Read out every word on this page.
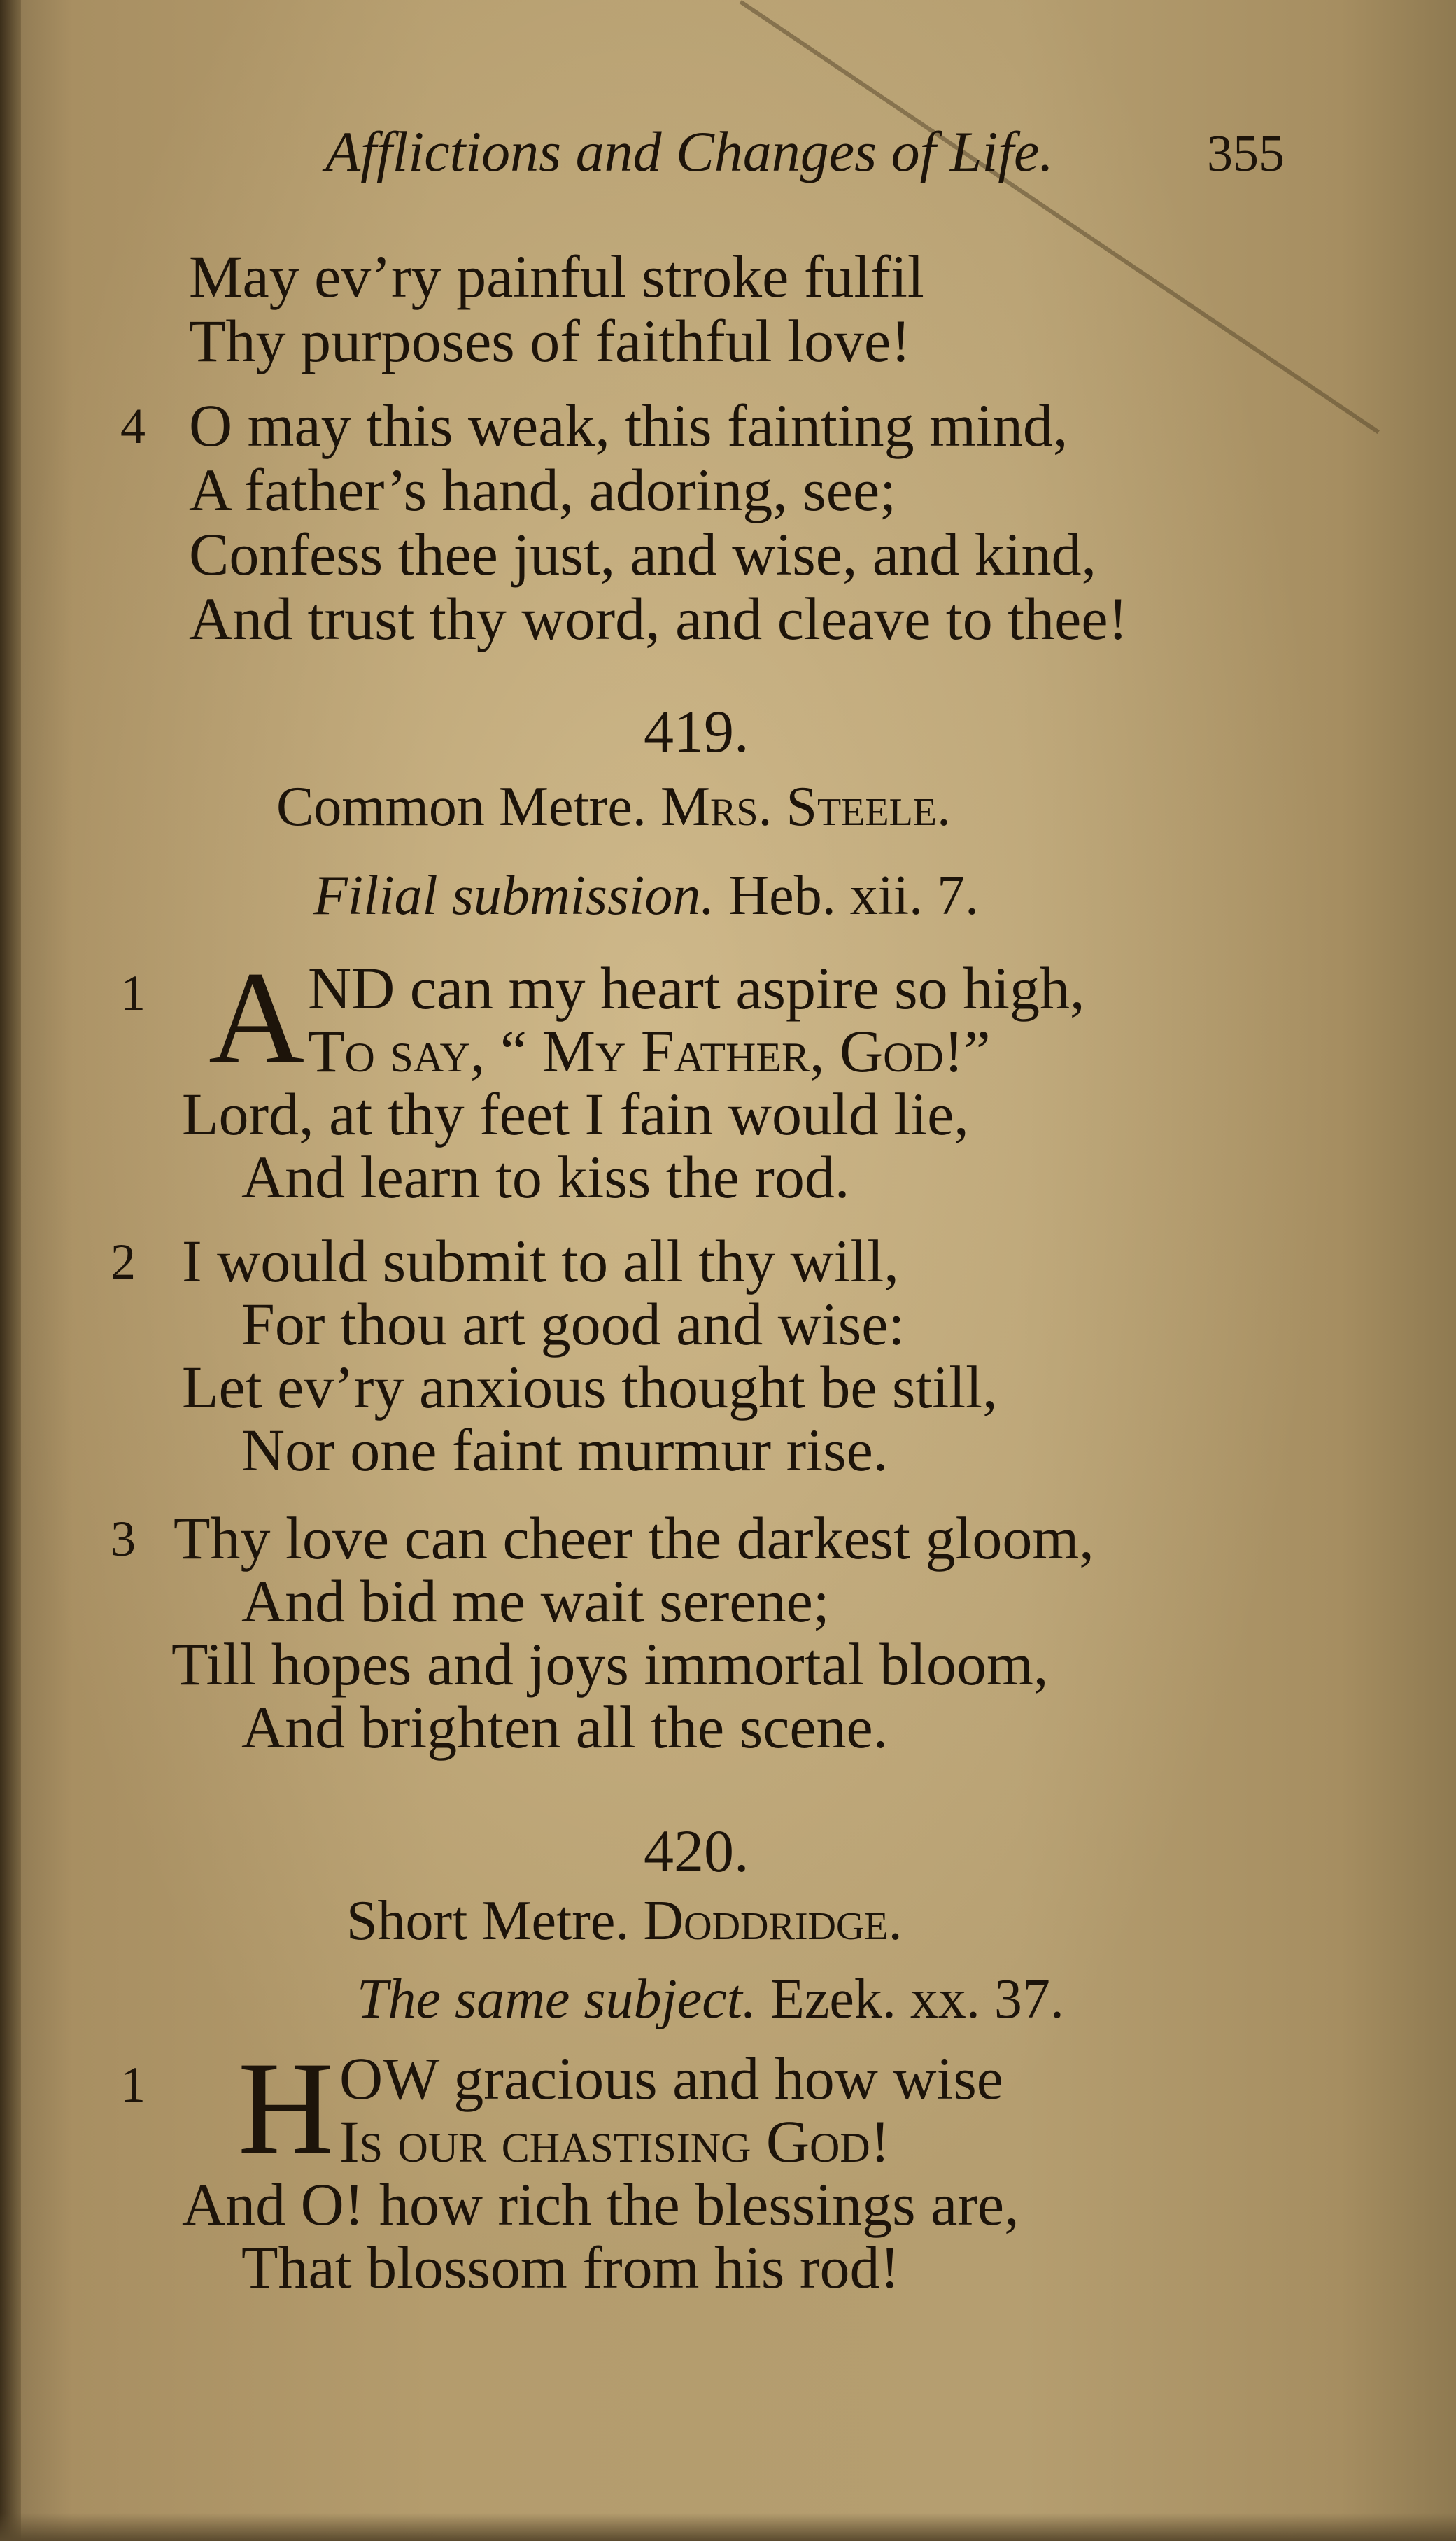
Afflictions and Changes of Life.	355
May ev’ry painful stroke fulfil
Thy purposes of faithful love!
4 O may this weak, this fainting mind,
A father’s hand, adoring, see;
Confess thee just, and wise, and kind,
And trust thy word, and cleave to thee!
419.
Common Metre. Mrs. Steele.
Filial submission. Heb. xii. 7.
1 A ND can my heart aspire so high,
To say, “ My Father, God!”
Lord, at thy feet I fain would lie,
And learn to kiss the rod.
2 I would submit to all thy will,
For thou art good and wise:
Let ev’ry anxious thought be still,
Nor one faint murmur rise.
3 Thy love can cheer the darkest gloom,
And bid me wait serene;
Till hopes and joys immortal bloom,
And brighten all the scene.
420.
Short Metre. Doddridge.
The same subject. Ezek. xx. 37.
1 H OW gracious and how wise
Is our chastising God!
And O! how rich the blessings are,
That blossom from his rod!
